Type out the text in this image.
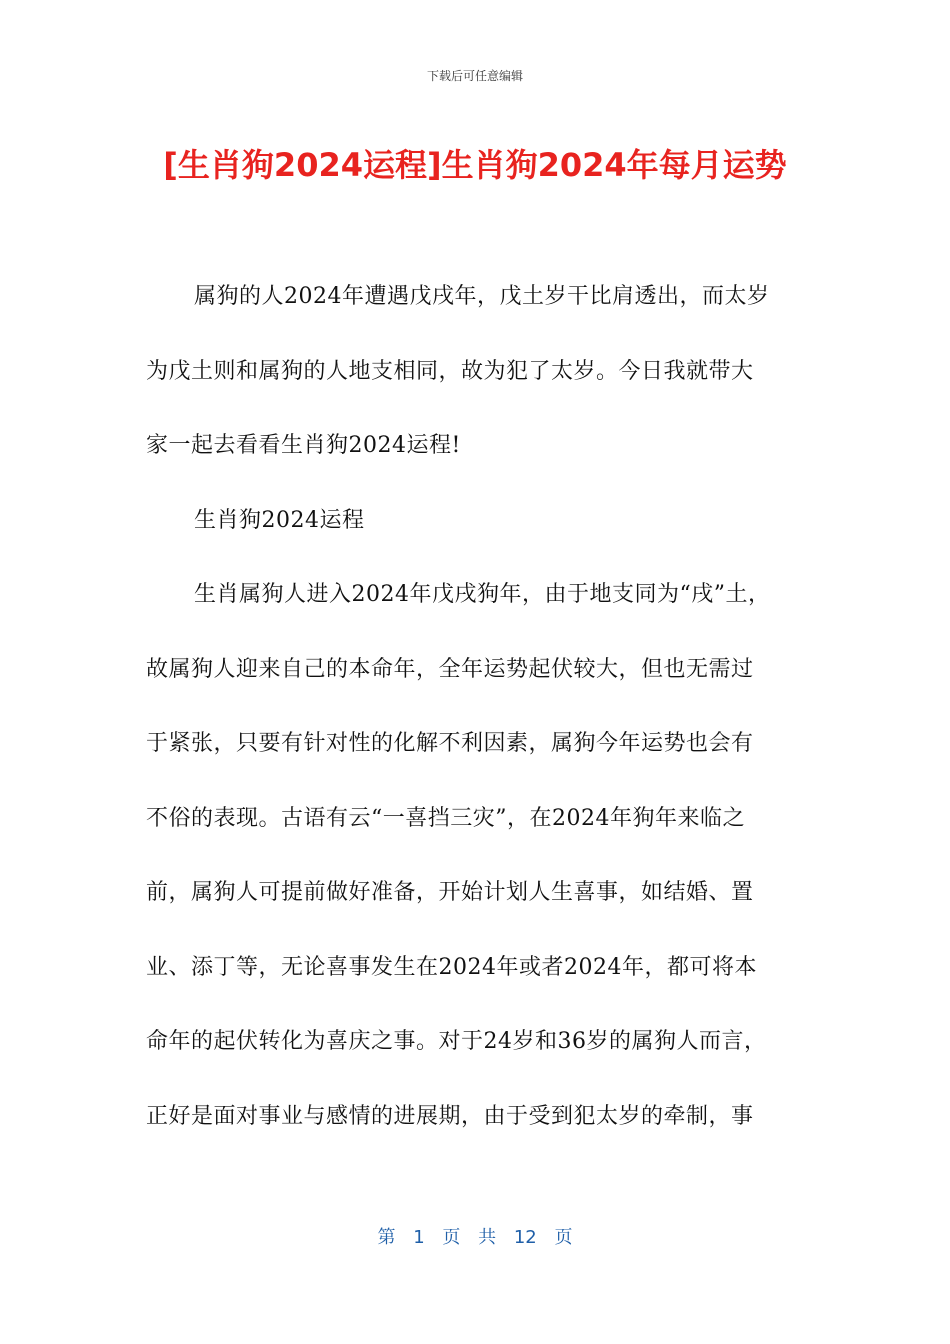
下载后可任意编辑
[生肖狗2024运程]生肖狗2024年每月运势
属狗的人2024年遭遇戊戌年，戊土岁干比肩透出，而太岁
为戊土则和属狗的人地支相同，故为犯了太岁。今日我就带大
家一起去看看生肖狗2024运程!
生肖狗2024运程
生肖属狗人进入2024年戊戌狗年，由于地支同为“戌”土，
故属狗人迎来自己的本命年，全年运势起伏较大，但也无需过
于紧张，只要有针对性的化解不利因素，属狗今年运势也会有
不俗的表现。古语有云“一喜挡三灾”，在2024年狗年来临之
前，属狗人可提前做好准备，开始计划人生喜事，如结婚、置
业、添丁等，无论喜事发生在2024年或者2024年，都可将本
命年的起伏转化为喜庆之事。对于24岁和36岁的属狗人而言，
正好是面对事业与感情的进展期，由于受到犯太岁的牵制，事
第 1 页 共 12 页
